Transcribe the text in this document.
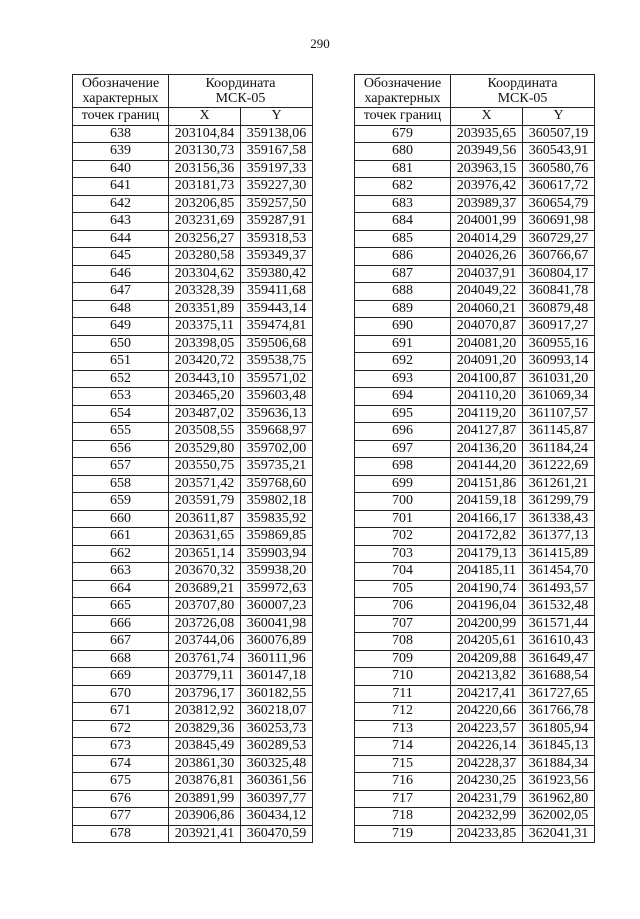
290
Обозначение
характерных	Координата
МСК-05	

точек границ	X	Y
638	203104,84	359138,06
639	203130,73	359167,58
640	203156,36	359197,33
641	203181,73	359227,30
642	203206,85	359257,50
643	203231,69	359287,91
644	203256,27	359318,53
645	203280,58	359349,37
646	203304,62	359380,42
647	203328,39	359411,68
648	203351,89	359443,14
649	203375,11	359474,81
650	203398,05	359506,68
651	203420,72	359538,75
652	203443,10	359571,02
653	203465,20	359603,48
654	203487,02	359636,13
655	203508,55	359668,97
656	203529,80	359702,00
657	203550,75	359735,21
658	203571,42	359768,60
659	203591,79	359802,18
660	203611,87	359835,92
661	203631,65	359869,85
662	203651,14	359903,94
663	203670,32	359938,20
664	203689,21	359972,63
665	203707,80	360007,23
666	203726,08	360041,98
667	203744,06	360076,89
668	203761,74	360111,96
669	203779,11	360147,18
670	203796,17	360182,55
671	203812,92	360218,07
672	203829,36	360253,73
673	203845,49	360289,53
674	203861,30	360325,48
675	203876,81	360361,56
676	203891,99	360397,77
677	203906,86	360434,12
678	203921,41	360470,59
Обозначение
характерных	Координата
МСК-05	

точек границ	X	Y
679	203935,65	360507,19
680	203949,56	360543,91
681	203963,15	360580,76
682	203976,42	360617,72
683	203989,37	360654,79
684	204001,99	360691,98
685	204014,29	360729,27
686	204026,26	360766,67
687	204037,91	360804,17
688	204049,22	360841,78
689	204060,21	360879,48
690	204070,87	360917,27
691	204081,20	360955,16
692	204091,20	360993,14
693	204100,87	361031,20
694	204110,20	361069,34
695	204119,20	361107,57
696	204127,87	361145,87
697	204136,20	361184,24
698	204144,20	361222,69
699	204151,86	361261,21
700	204159,18	361299,79
701	204166,17	361338,43
702	204172,82	361377,13
703	204179,13	361415,89
704	204185,11	361454,70
705	204190,74	361493,57
706	204196,04	361532,48
707	204200,99	361571,44
708	204205,61	361610,43
709	204209,88	361649,47
710	204213,82	361688,54
711	204217,41	361727,65
712	204220,66	361766,78
713	204223,57	361805,94
714	204226,14	361845,13
715	204228,37	361884,34
716	204230,25	361923,56
717	204231,79	361962,80
718	204232,99	362002,05
719	204233,85	362041,31
